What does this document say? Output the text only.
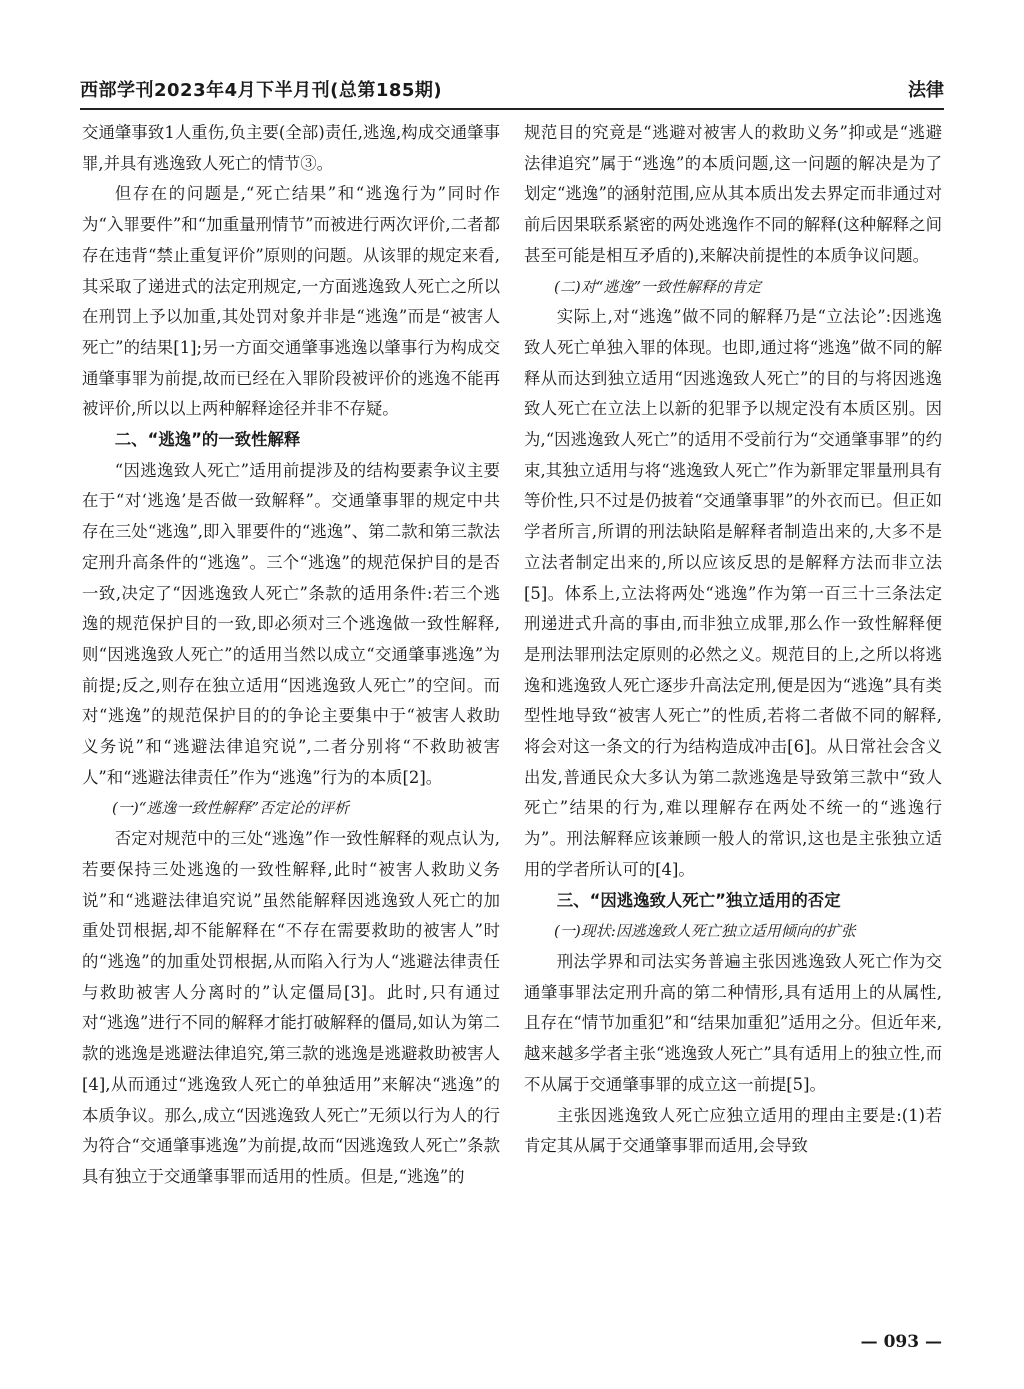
西部学刊2023年4月下半月刊(总第185期)	法律

交通肇事致1人重伤,负主要(全部)责任,逃逸,构成交通肇事罪,并具有逃逸致人死亡的情节③。

但存在的问题是,“死亡结果”和“逃逸行为”同时作为“入罪要件”和“加重量刑情节”而被进行两次评价,二者都存在违背“禁止重复评价”原则的问题。从该罪的规定来看,其采取了递进式的法定刑规定,一方面逃逸致人死亡之所以在刑罚上予以加重,其处罚对象并非是“逃逸”而是“被害人死亡”的结果[1];另一方面交通肇事逃逸以肇事行为构成交通肇事罪为前提,故而已经在入罪阶段被评价的逃逸不能再被评价,所以以上两种解释途径并非不存疑。

二、“逃逸”的一致性解释

“因逃逸致人死亡”适用前提涉及的结构要素争议主要在于“对‘逃逸’是否做一致解释”。交通肇事罪的规定中共存在三处“逃逸”,即入罪要件的“逃逸”、第二款和第三款法定刑升高条件的“逃逸”。三个“逃逸”的规范保护目的是否一致,决定了“因逃逸致人死亡”条款的适用条件:若三个逃逸的规范保护目的一致,即必须对三个逃逸做一致性解释,则“因逃逸致人死亡”的适用当然以成立“交通肇事逃逸”为前提;反之,则存在独立适用“因逃逸致人死亡”的空间。而对“逃逸”的规范保护目的的争论主要集中于“被害人救助义务说”和“逃避法律追究说”,二者分别将“不救助被害人”和“逃避法律责任”作为“逃逸”行为的本质[2]。

(一)“逃逸一致性解释”否定论的评析

否定对规范中的三处“逃逸”作一致性解释的观点认为,若要保持三处逃逸的一致性解释,此时“被害人救助义务说”和“逃避法律追究说”虽然能解释因逃逸致人死亡的加重处罚根据,却不能解释在“不存在需要救助的被害人”时的“逃逸”的加重处罚根据,从而陷入行为人“逃避法律责任与救助被害人分离时的”认定僵局[3]。此时,只有通过对“逃逸”进行不同的解释才能打破解释的僵局,如认为第二款的逃逸是逃避法律追究,第三款的逃逸是逃避救助被害人[4],从而通过“逃逸致人死亡的单独适用”来解决“逃逸”的本质争议。那么,成立“因逃逸致人死亡”无须以行为人的行为符合“交通肇事逃逸”为前提,故而“因逃逸致人死亡”条款具有独立于交通肇事罪而适用的性质。但是,“逃逸”的

规范目的究竟是“逃避对被害人的救助义务”抑或是“逃避法律追究”属于“逃逸”的本质问题,这一问题的解决是为了划定“逃逸”的涵射范围,应从其本质出发去界定而非通过对前后因果联系紧密的两处逃逸作不同的解释(这种解释之间甚至可能是相互矛盾的),来解决前提性的本质争议问题。

(二)对“逃逸”一致性解释的肯定

实际上,对“逃逸”做不同的解释乃是“立法论”:因逃逸致人死亡单独入罪的体现。也即,通过将“逃逸”做不同的解释从而达到独立适用“因逃逸致人死亡”的目的与将因逃逸致人死亡在立法上以新的犯罪予以规定没有本质区别。因为,“因逃逸致人死亡”的适用不受前行为“交通肇事罪”的约束,其独立适用与将“逃逸致人死亡”作为新罪定罪量刑具有等价性,只不过是仍披着“交通肇事罪”的外衣而已。但正如学者所言,所谓的刑法缺陷是解释者制造出来的,大多不是立法者制定出来的,所以应该反思的是解释方法而非立法[5]。体系上,立法将两处“逃逸”作为第一百三十三条法定刑递进式升高的事由,而非独立成罪,那么作一致性解释便是刑法罪刑法定原则的必然之义。规范目的上,之所以将逃逸和逃逸致人死亡逐步升高法定刑,便是因为“逃逸”具有类型性地导致“被害人死亡”的性质,若将二者做不同的解释,将会对这一条文的行为结构造成冲击[6]。从日常社会含义出发,普通民众大多认为第二款逃逸是导致第三款中“致人死亡”结果的行为,难以理解存在两处不统一的“逃逸行为”。刑法解释应该兼顾一般人的常识,这也是主张独立适用的学者所认可的[4]。

三、“因逃逸致人死亡”独立适用的否定
(一)现状:因逃逸致人死亡独立适用倾向的扩张

刑法学界和司法实务普遍主张因逃逸致人死亡作为交通肇事罪法定刑升高的第二种情形,具有适用上的从属性,且存在“情节加重犯”和“结果加重犯”适用之分。但近年来,越来越多学者主张“逃逸致人死亡”具有适用上的独立性,而不从属于交通肇事罪的成立这一前提[5]。

主张因逃逸致人死亡应独立适用的理由主要是:(1)若肯定其从属于交通肇事罪而适用,会导致

— 093 —
